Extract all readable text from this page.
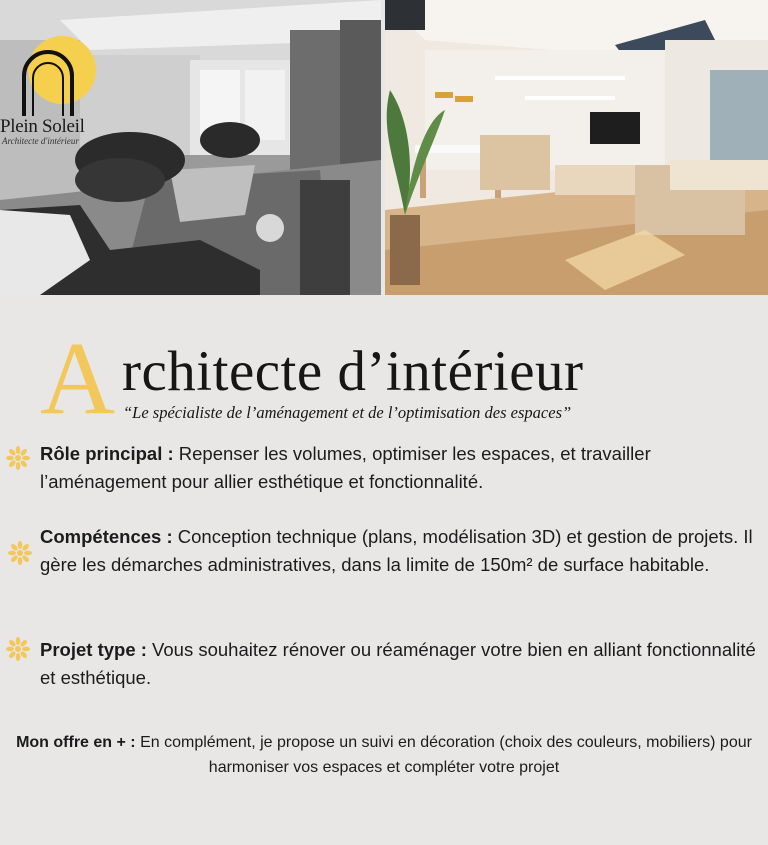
Plein Soleil
Architecte d'intérieur
A rchitecte d’intérieur
“Le spécialiste de l’aménagement et de l’optimisation des espaces”
Rôle principal : Repenser les volumes, optimiser les espaces, et travailler l’aménagement pour allier esthétique et fonctionnalité.
Compétences : Conception technique (plans, modélisation 3D) et gestion de projets. Il gère les démarches administratives, dans la limite de 150m² de surface habitable.
Projet type : Vous souhaitez rénover ou réaménager votre bien en alliant fonctionnalité et esthétique.
Mon offre en + : En complément, je propose un suivi en décoration (choix des couleurs, mobiliers) pour harmoniser vos espaces et compléter votre projet
